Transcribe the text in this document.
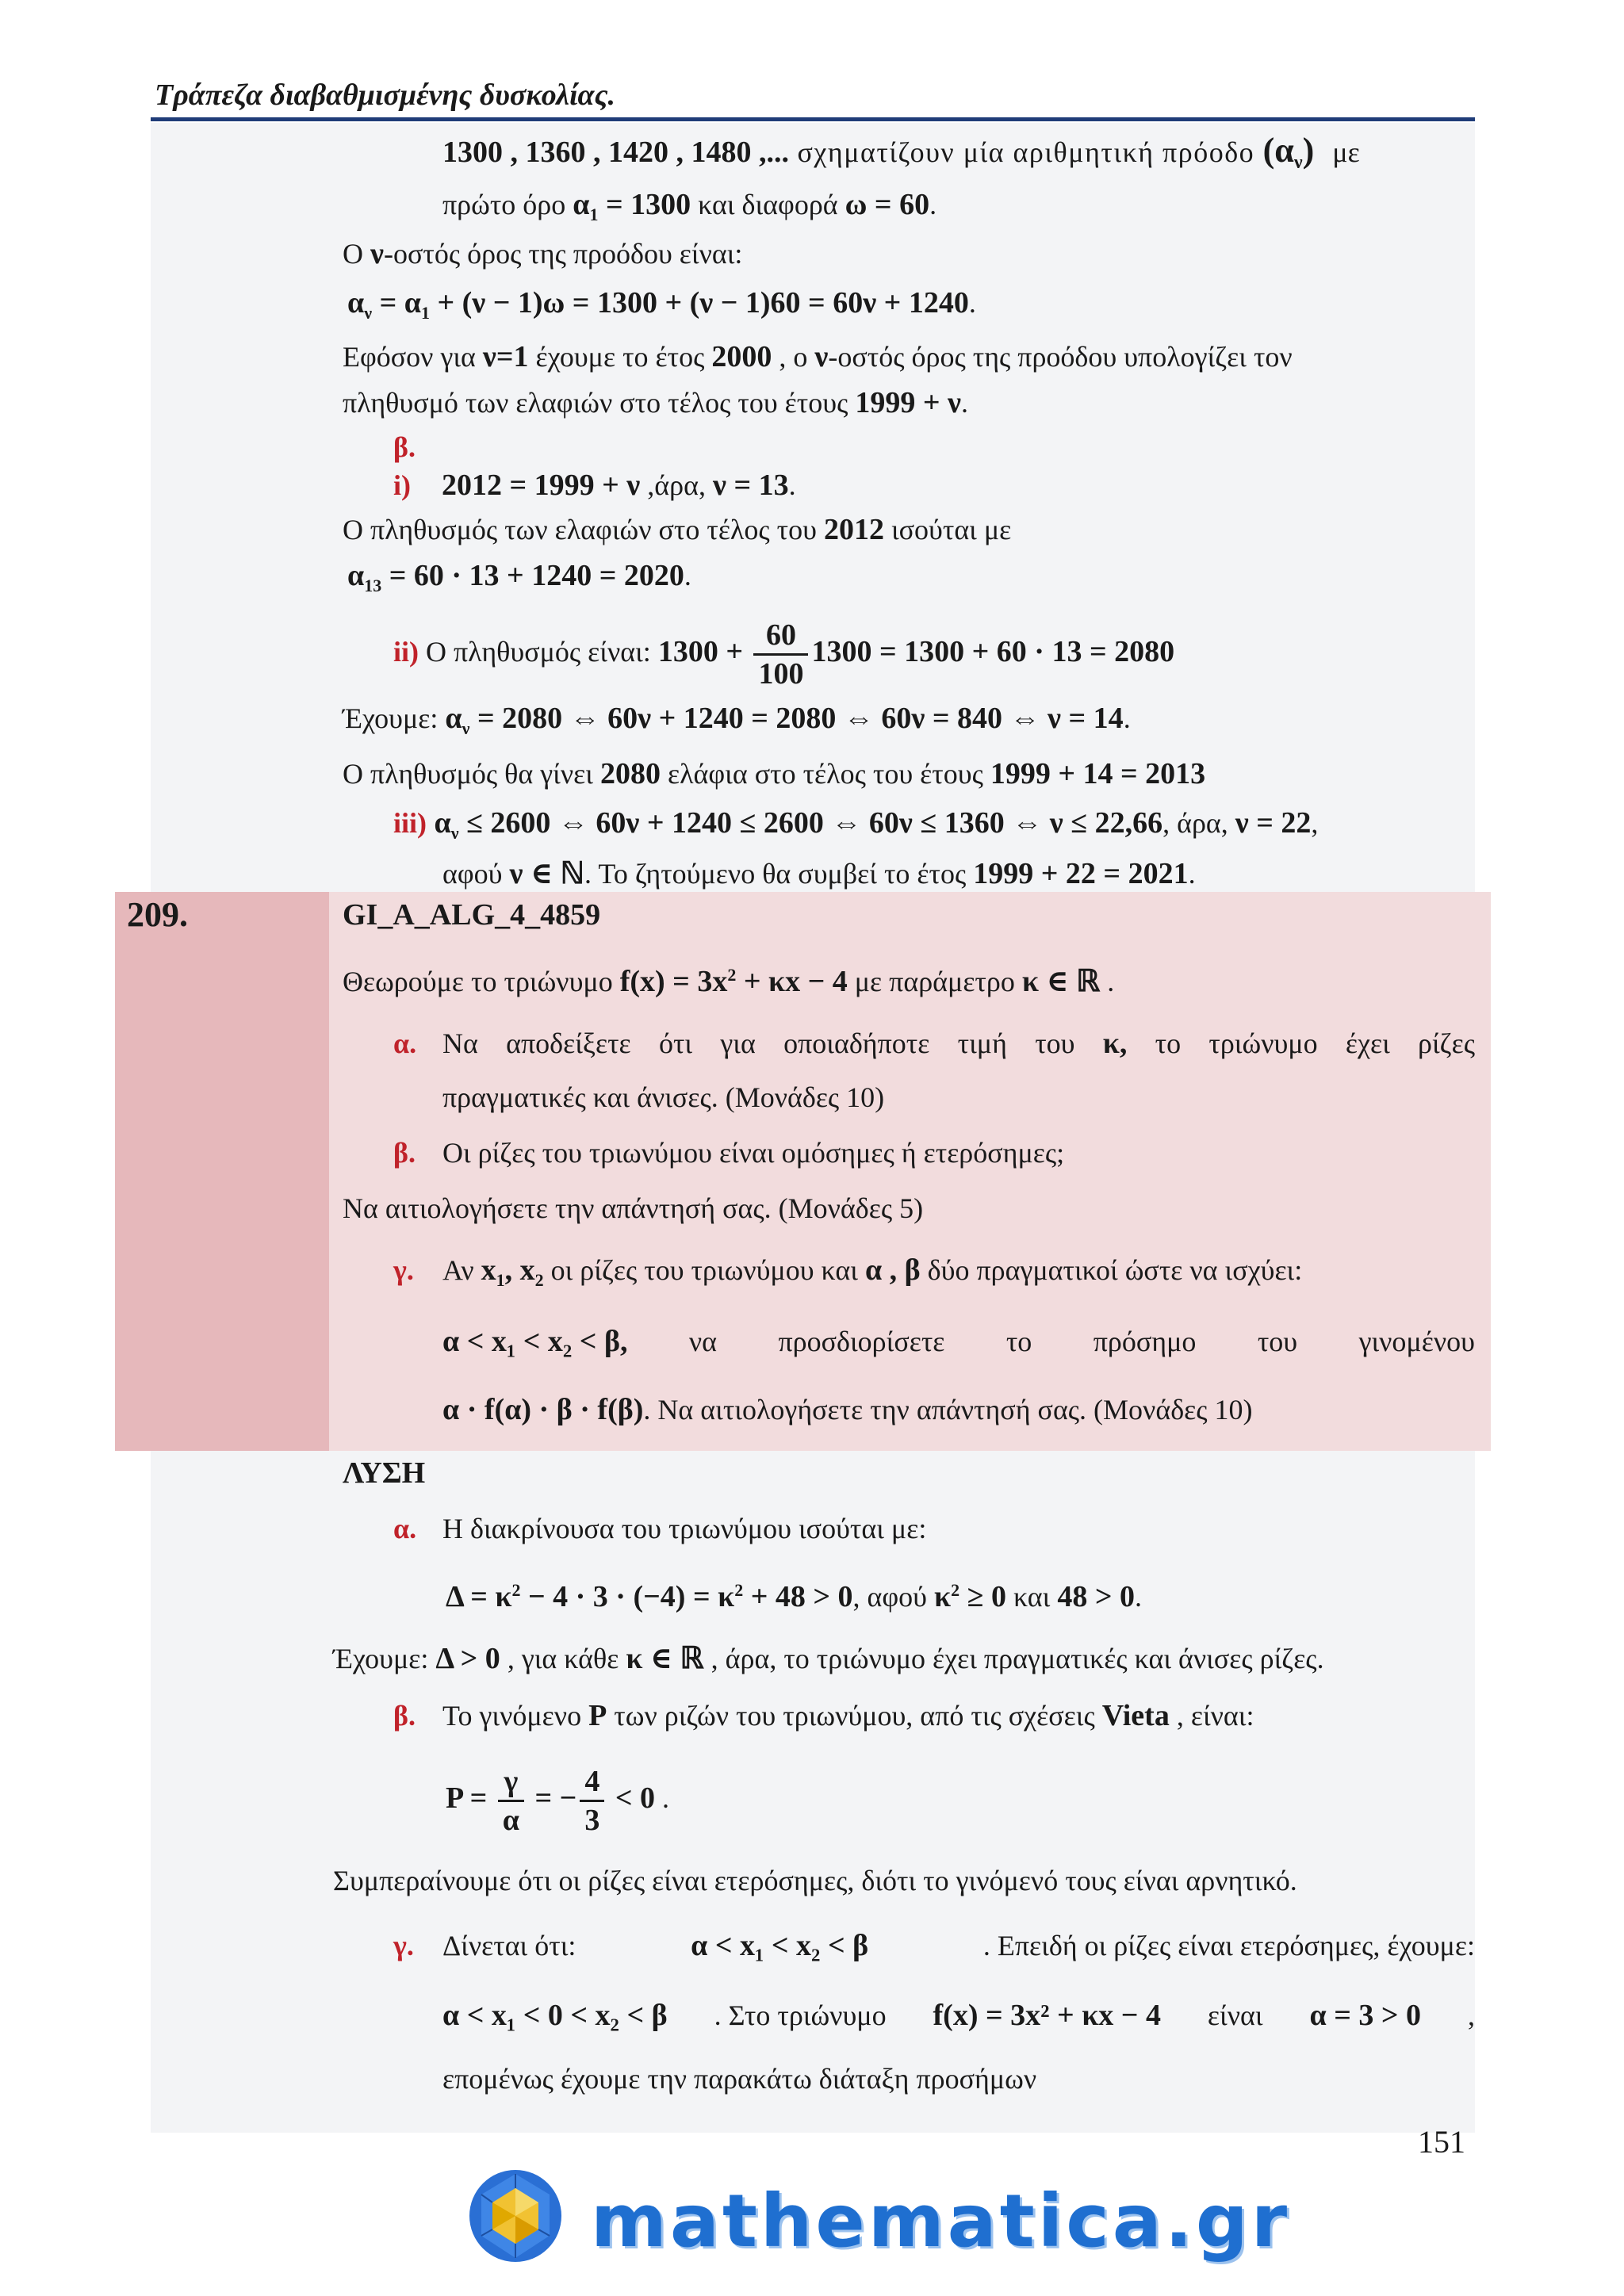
Τράπεζα διαβαθμισμένης δυσκολίας.
1300 , 1360 , 1420 , 1480 ,... σχηματίζουν μία αριθμητική πρόοδο $(\alpha_\nu)$ με
πρώτο όρο $\alpha_1 = 1300$ και διαφορά ω = 60.
Ο ν-οστός όρος της προόδου είναι:
$\alpha_\nu = \alpha_1 + (\nu - 1)\omega = 1300 + (\nu - 1)60 = 60\nu + 1240$.
Εφόσον για ν=1 έχουμε το έτος 2000 , ο ν-οστός όρος της προόδου υπολογίζει τον
πληθυσμό των ελαφιών στο τέλος του έτους 1999 + ν.
β.
i) 2012 = 1999 + ν ,άρα, ν = 13.
Ο πληθυσμός των ελαφιών στο τέλος του 2012 ισούται με
$\alpha_{13} = 60 \cdot 13 + 1240 = 2020$.
ii) Ο πληθυσμός είναι: $1300 + \frac{60}{100} 1300 = 1300 + 60 \cdot 13 = 2080$
Έχουμε: $\alpha_\nu = 2080$ ⇔ 60ν + 1240 = 2080 ⇔ 60ν = 840 ⇔ ν = 14.
Ο πληθυσμός θα γίνει 2080 ελάφια στο τέλος του έτους 1999 + 14 = 2013
iii) $\alpha_\nu \le 2600$ ⇔ 60ν + 1240 ≤ 2600 ⇔ 60ν ≤ 1360 ⇔ ν ≤ 22,66, άρα, ν = 22,
αφού ν ∈ ℕ. Το ζητούμενο θα συμβεί το έτος 1999 + 22 = 2021.
209.	GI_A_ALG_4_4859
Θεωρούμε το τριώνυμο $f(x) = 3x^2 + \kappa x - 4$ με παράμετρο κ ∈ ℝ .
α. Να αποδείξετε ότι για οποιαδήποτε τιμή του κ, το τριώνυμο έχει ρίζες
πραγματικές και άνισες. (Μονάδες 10)
β. Οι ρίζες του τριωνύμου είναι ομόσημες ή ετερόσημες;
Να αιτιολογήσετε την απάντησή σας. (Μονάδες 5)
γ. Αν $x_1$, $x_2$ οι ρίζες του τριωνύμου και α , β δύο πραγματικοί ώστε να ισχύει:
α < x₁ < x₂ < β, να προσδιορίσετε το πρόσημο του γινομένου
α · f(α) · β · f(β). Να αιτιολογήσετε την απάντησή σας. (Μονάδες 10)
ΛΥΣΗ
α. Η διακρίνουσα του τριωνύμου ισούται με:
$\Delta = \kappa^2 - 4 \cdot 3 \cdot (-4) = \kappa^2 + 48 > 0$, αφού $\kappa^2 \ge 0$ και 48 > 0.
Έχουμε: Δ > 0 , για κάθε κ ∈ ℝ , άρα, το τριώνυμο έχει πραγματικές και άνισες ρίζες.
β. Το γινόμενο P των ριζών του τριωνύμου, από τις σχέσεις Vieta , είναι:
$P = \frac{\gamma}{\alpha}$ = − $\frac{4}{3} < 0$ .
Συμπεραίνουμε ότι οι ρίζες είναι ετερόσημες, διότι το γινόμενό τους είναι αρνητικό.
γ. Δίνεται ότι:	α < x₁ < x₂ < β	. Επειδή οι ρίζες είναι ετερόσημες, έχουμε:
α < x₁ < 0 < x₂ < β . Στο τριώνυμο f(x) = 3x² + κx − 4 είναι α = 3 > 0 ,
επομένως έχουμε την παρακάτω διάταξη προσήμων
151
mathematica.gr
